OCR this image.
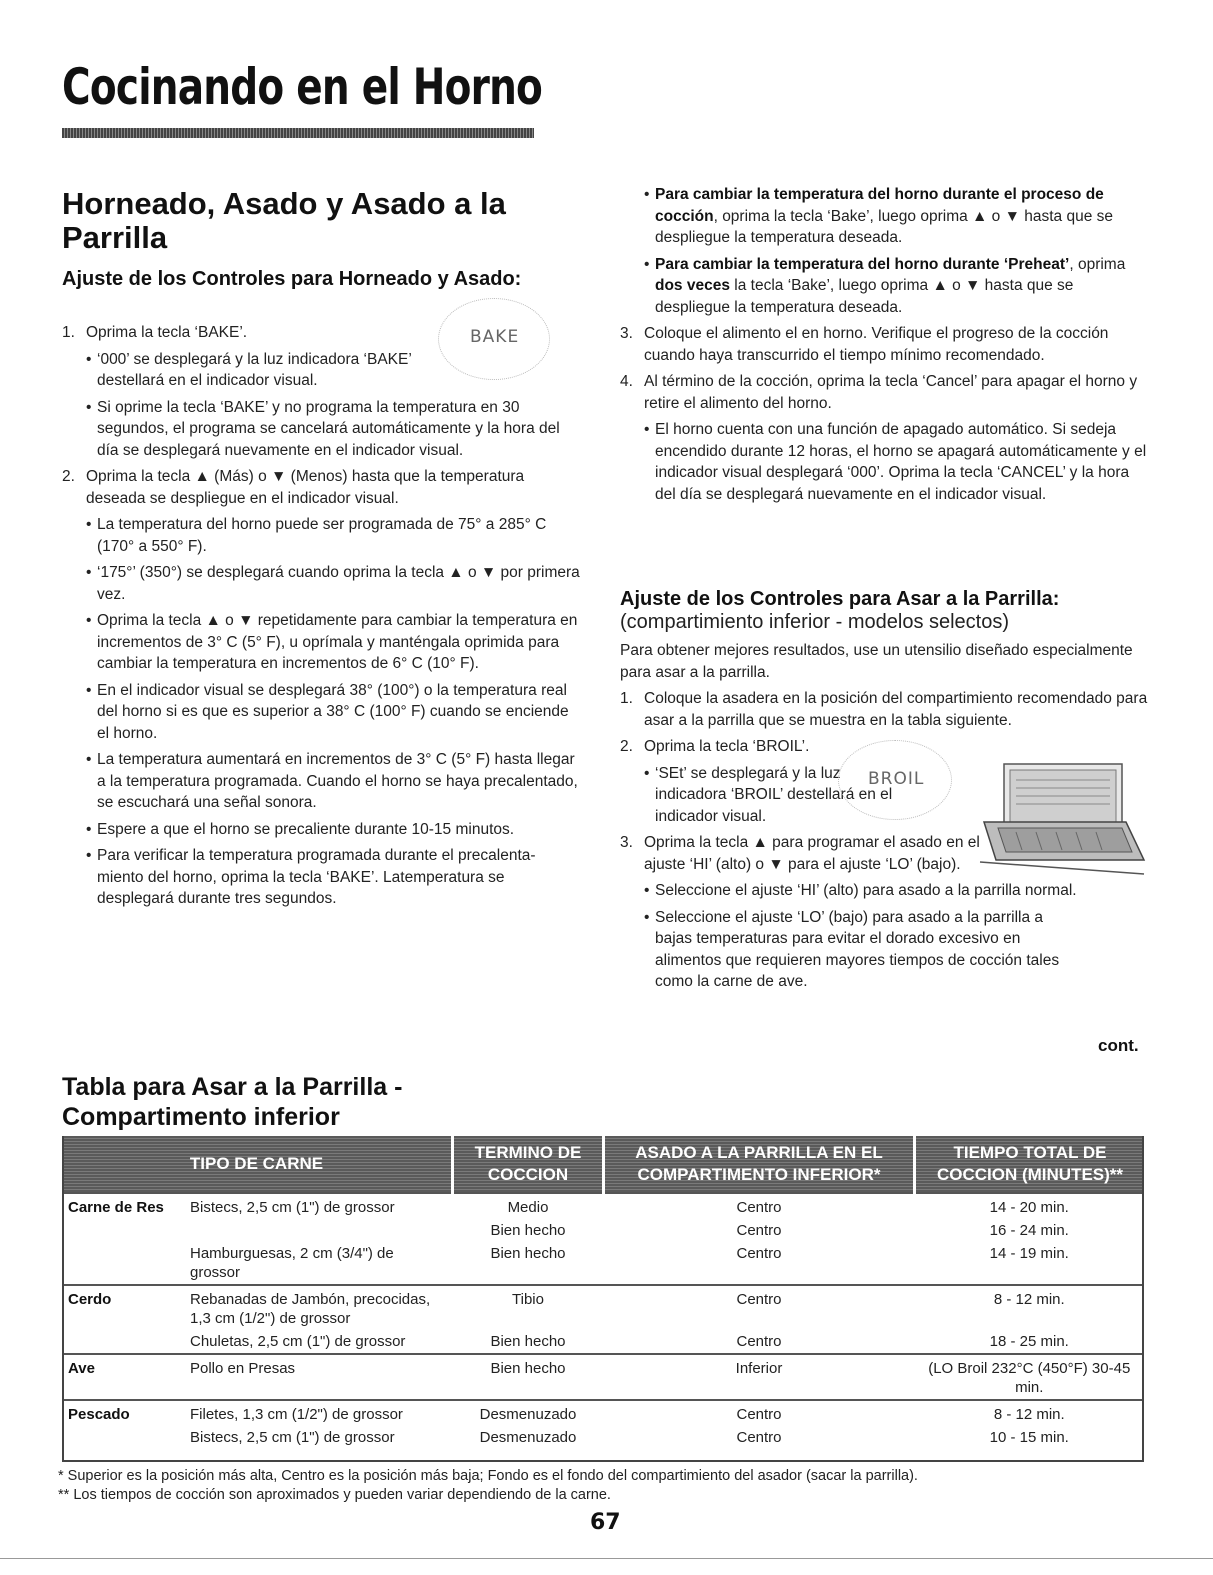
Cocinando en el Horno
Horneado, Asado y Asado a la Parrilla
Ajuste de los Controles para Horneado y Asado:
BAKE

1. Oprima la tecla ‘BAKE’.

• ‘000’ se desplegará y la luz indicadora ‘BAKE’ destellará en el indicador visual.

• Si oprime la tecla ‘BAKE’ y no programa la temperatura en 30 segundos, el programa se cancelará automáticamente y la hora del día se desplegará nuevamente en el indicador visual.

2. Oprima la tecla ▲ (Más) o ▼ (Menos) hasta que la temperatura deseada se despliegue en el indicador visual.

• La temperatura del horno puede ser programada de 75° a 285° C (170° a 550° F).

• ‘175°’ (350°) se desplegará cuando oprima la tecla ▲ o ▼ por primera vez.

• Oprima la tecla ▲ o ▼ repetidamente para cambiar la temperatura en incrementos de 3° C (5° F), u oprímala y manténgala oprimida para cambiar la temperatura en incrementos de 6° C (10° F).

• En el indicador visual se desplegará 38° (100°) o la temperatura real del horno si es que es superior a 38° C (100° F) cuando se enciende el horno.

• La temperatura aumentará en incrementos de 3° C (5° F) hasta llegar a la temperatura programada. Cuando el horno se haya precalentado, se escuchará una señal sonora.

• Espere a que el horno se precaliente durante 10-15 minutos.

• Para verificar la temperatura programada durante el precalenta-miento del horno, oprima la tecla ‘BAKE’. Latemperatura se desplegará durante tres segundos.

• Para cambiar la temperatura del horno durante el proceso de cocción, oprima la tecla ‘Bake’, luego oprima ▲ o ▼ hasta que se despliegue la temperatura deseada.

• Para cambiar la temperatura del horno durante ‘Preheat’, oprima dos veces la tecla ‘Bake’, luego oprima ▲ o ▼ hasta que se despliegue la temperatura deseada.

3. Coloque el alimento el en horno. Verifique el progreso de la cocción cuando haya transcurrido el tiempo mínimo recomendado.

4. Al término de la cocción, oprima la tecla ‘Cancel’ para apagar el horno y retire el alimento del horno.

• El horno cuenta con una función de apagado automático. Si sedeja encendido durante 12 horas, el horno se apagará automáticamente y el indicador visual desplegará ‘000’. Oprima la tecla ‘CANCEL’ y la hora del día se desplegará nuevamente en el indicador visual.

Ajuste de los Controles para Asar a la Parrilla:
(compartimiento inferior - modelos selectos)

Para obtener mejores resultados, use un utensilio diseñado especialmente para asar a la parrilla.

1. Coloque la asadera en la posición del compartimiento recomendado para asar a la parrilla que se muestra en la tabla siguiente.

2. Oprima la tecla ‘BROIL’.

• ‘SEt’ se desplegará y la luz indicadora ‘BROIL’ destellará en el indicador visual.

3. Oprima la tecla ▲ para programar el asado en el ajuste ‘HI’ (alto) o ▼ para el ajuste ‘LO’ (bajo).

• Seleccione el ajuste ‘HI’ (alto) para asado a la parrilla normal.

• Seleccione el ajuste ‘LO’ (bajo) para asado a la parrilla a bajas temperaturas para evitar el dorado excesivo en alimentos que requieren mayores tiempos de cocción tales como la carne de ave.

BROIL
cont.
Tabla para Asar a la Parrilla -
Compartimento inferior
TIPO DE CARNE		TERMINO DE COCCION	ASADO A LA PARRILLA EN EL COMPARTIMENTO INFERIOR*	TIEMPO TOTAL DE COCCION (MINUTES)**
Carne de Res	Bistecs, 2,5 cm (1") de grossor	Medio	Centro	14 - 20 min.
		Bien hecho	Centro	16 - 24 min.
	Hamburguesas, 2 cm (3/4") de grossor	Bien hecho	Centro	14 - 19 min.
Cerdo	Rebanadas de Jambón, precocidas, 1,3 cm (1/2") de grossor	Tibio	Centro	8 - 12 min.
	Chuletas, 2,5 cm (1") de grossor	Bien hecho	Centro	18 - 25 min.
Ave	Pollo en Presas	Bien hecho	Inferior	(LO Broil 232°C (450°F) 30-45 min.
Pescado	Filetes, 1,3 cm (1/2") de grossor	Desmenuzado	Centro	8 - 12 min.
	Bistecs, 2,5 cm (1") de grossor	Desmenuzado	Centro	10 - 15 min.
* Superior es la posición más alta, Centro es la posición más baja; Fondo es el fondo del compartimiento del asador (sacar la parrilla).
** Los tiempos de cocción son aproximados y pueden variar dependiendo de la carne.
67
